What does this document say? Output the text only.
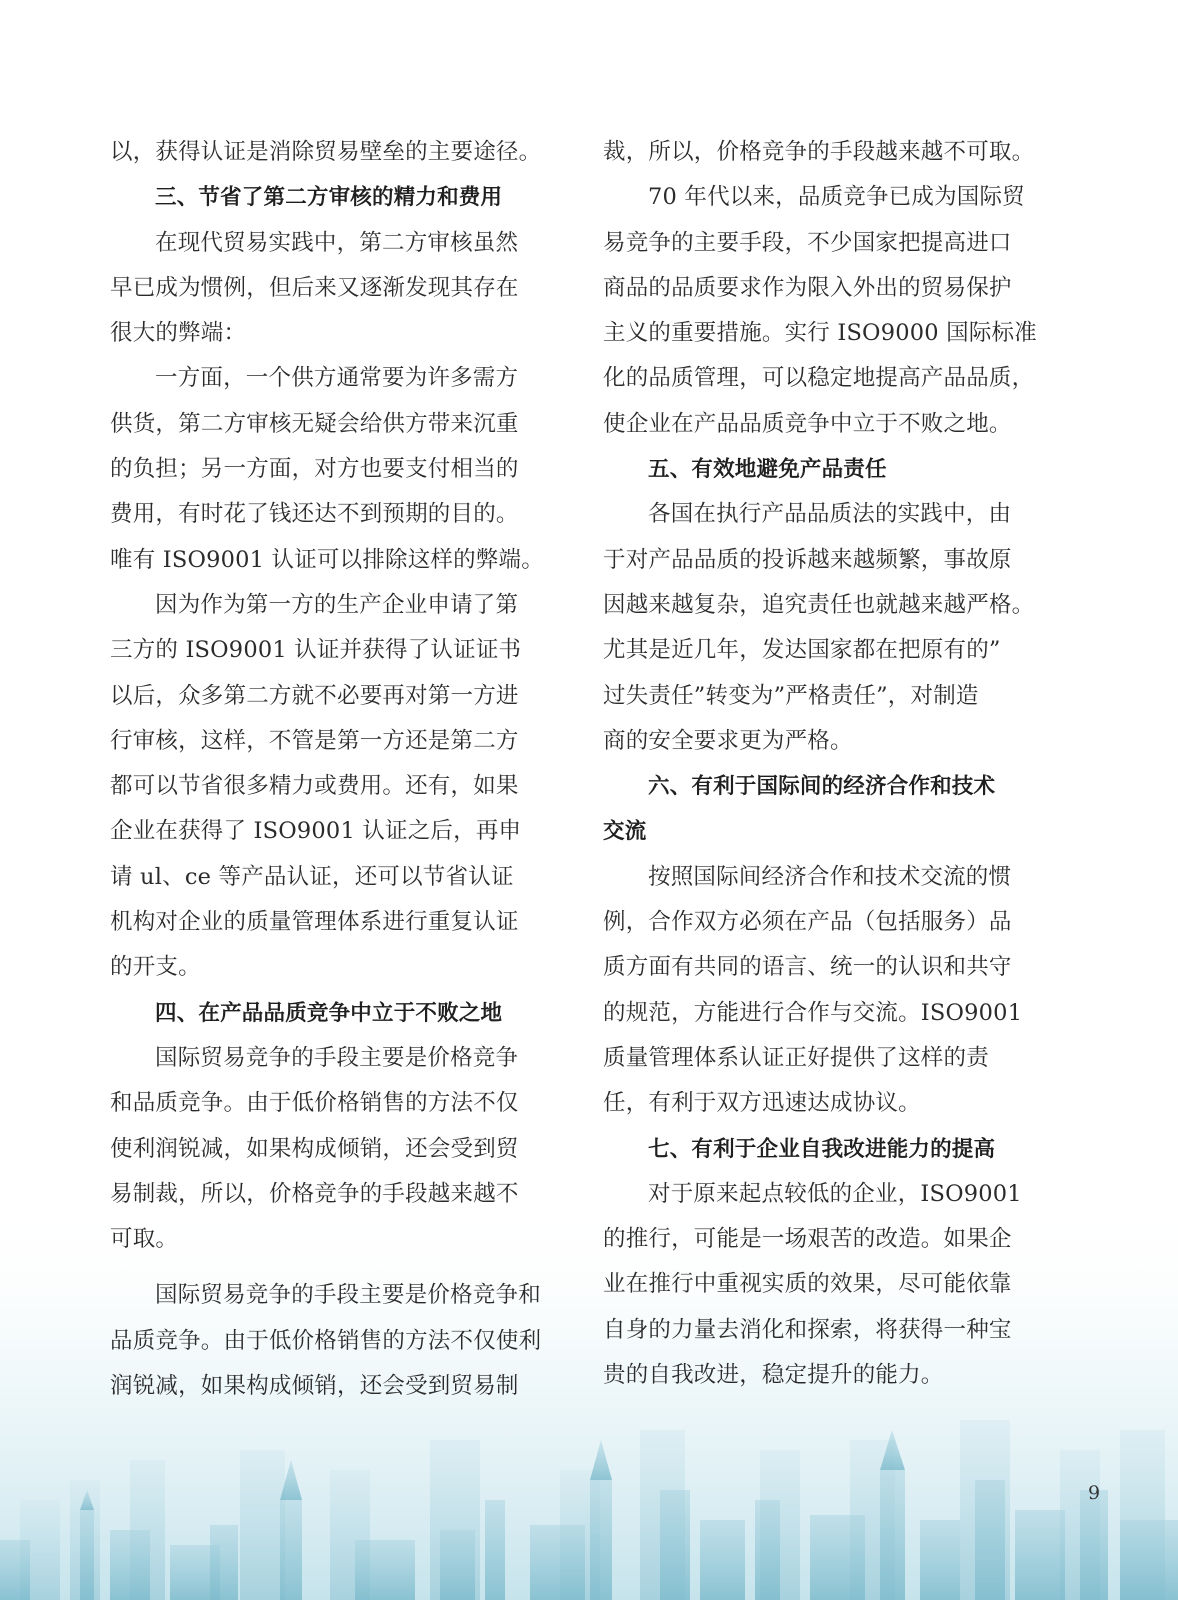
以，获得认证是消除贸易壁垒的主要途径。
三、节省了第二方审核的精力和费用
在现代贸易实践中，第二方审核虽然
早已成为惯例，但后来又逐渐发现其存在
很大的弊端：
一方面，一个供方通常要为许多需方
供货，第二方审核无疑会给供方带来沉重
的负担；另一方面，对方也要支付相当的
费用，有时花了钱还达不到预期的目的。
唯有 ISO9001 认证可以排除这样的弊端。
因为作为第一方的生产企业申请了第
三方的 ISO9001 认证并获得了认证证书
以后，众多第二方就不必要再对第一方进
行审核，这样，不管是第一方还是第二方
都可以节省很多精力或费用。还有，如果
企业在获得了 ISO9001 认证之后，再申
请 ul、ce 等产品认证，还可以节省认证
机构对企业的质量管理体系进行重复认证
的开支。
四、在产品品质竞争中立于不败之地
国际贸易竞争的手段主要是价格竞争
和品质竞争。由于低价格销售的方法不仅
使利润锐减，如果构成倾销，还会受到贸
易制裁，所以，价格竞争的手段越来越不
可取。
国际贸易竞争的手段主要是价格竞争和
品质竞争。由于低价格销售的方法不仅使利
润锐减，如果构成倾销，还会受到贸易制
裁，所以，价格竞争的手段越来越不可取。
70 年代以来，品质竞争已成为国际贸
易竞争的主要手段，不少国家把提高进口
商品的品质要求作为限入外出的贸易保护
主义的重要措施。实行 ISO9000 国际标准
化的品质管理，可以稳定地提高产品品质，
使企业在产品品质竞争中立于不败之地。
五、有效地避免产品责任
各国在执行产品品质法的实践中，由
于对产品品质的投诉越来越频繁，事故原
因越来越复杂，追究责任也就越来越严格。
尤其是近几年，发达国家都在把原有的”
过失责任”转变为”严格责任”，对制造
商的安全要求更为严格。
六、有利于国际间的经济合作和技术
交流
按照国际间经济合作和技术交流的惯
例，合作双方必须在产品（包括服务）品
质方面有共同的语言、统一的认识和共守
的规范，方能进行合作与交流。ISO9001
质量管理体系认证正好提供了这样的责
任，有利于双方迅速达成协议。
七、有利于企业自我改进能力的提高
对于原来起点较低的企业，ISO9001
的推行，可能是一场艰苦的改造。如果企
业在推行中重视实质的效果，尽可能依靠
自身的力量去消化和探索，将获得一种宝
贵的自我改进，稳定提升的能力。
9
